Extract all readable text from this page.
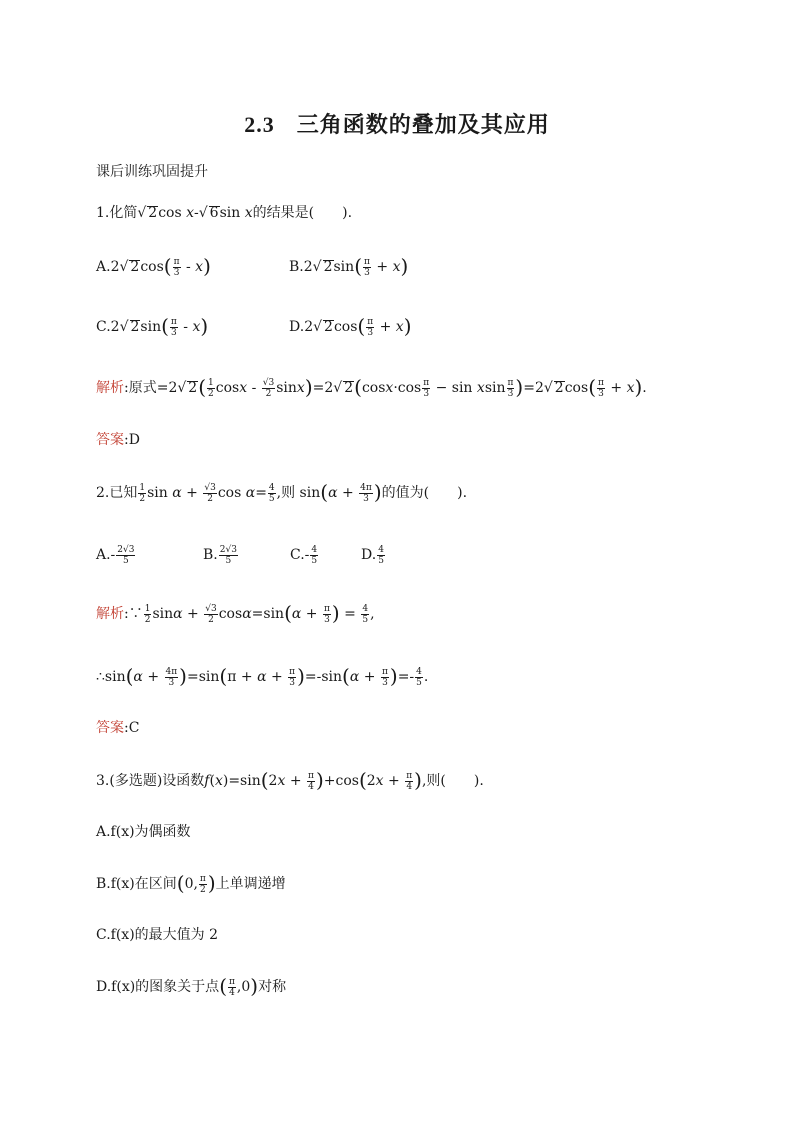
2.3 三角函数的叠加及其应用
课后训练巩固提升
1.化简√ 2cos x-√ 6sin x的结果是(　　).
A.2√ $2\cos( \frac{\pi}{3} - x)$	B.2√ $2\sin( \frac{\pi}{3} + x)$
C.2√ $2\sin( \frac{\pi}{3} - x)$	D.2√ $2\cos( \frac{\pi}{3} + x)$
解析:原式=2√ $2( \frac{1}{2}$ $\cos x - \frac{√3}{2} \sin x)=2√$ $2(\cos x\cdot\cos \frac{\pi}{3} - \sin xsin \frac{\pi}{3} )=2√$ $2\cos( \frac{\pi}{3} + x)$.
答案:D
2.已知 $\frac{1}{2}$ $\sin \alpha + \frac{√3}{2}$ $\cos \alpha= \frac{4}{5}$ ,则 $\sin(\alpha + \frac{4\pi}{3}$ )的值为(　　).
$A.- \frac{2√3}{5}$	B. $\frac{2√3}{5}$	$C.- \frac{4}{5}$	D. $\frac{4}{5}$
解析:∵ $\frac{1}{2}$ $\sin\alpha + \frac{√3}{2} \cos\alpha=\sin(\alpha + \frac{\pi}{3}$ ) = $\frac{4}{5}$ ,
∴sin(α + $\frac{4\pi}{3} )=\sin(\pi + \alpha + \frac{\pi}{3} )=-\sin(\alpha + \frac{\pi}{3}$ )=- $\frac{4}{5}$ .
答案:C
3.(多选题)设函数$f(x)=\sin(2x + \frac{\pi}{4} )+\cos(2x + \frac{\pi}{4}$ ),则(　　).
A.f(x)为偶函数
B.f(x)在区间(0, $\frac{\pi}{2}$ )上单调递增
C.f(x)的最大值为 2
D.f(x)的图象关于点( $\frac{\pi}{4} ,0$)对称
